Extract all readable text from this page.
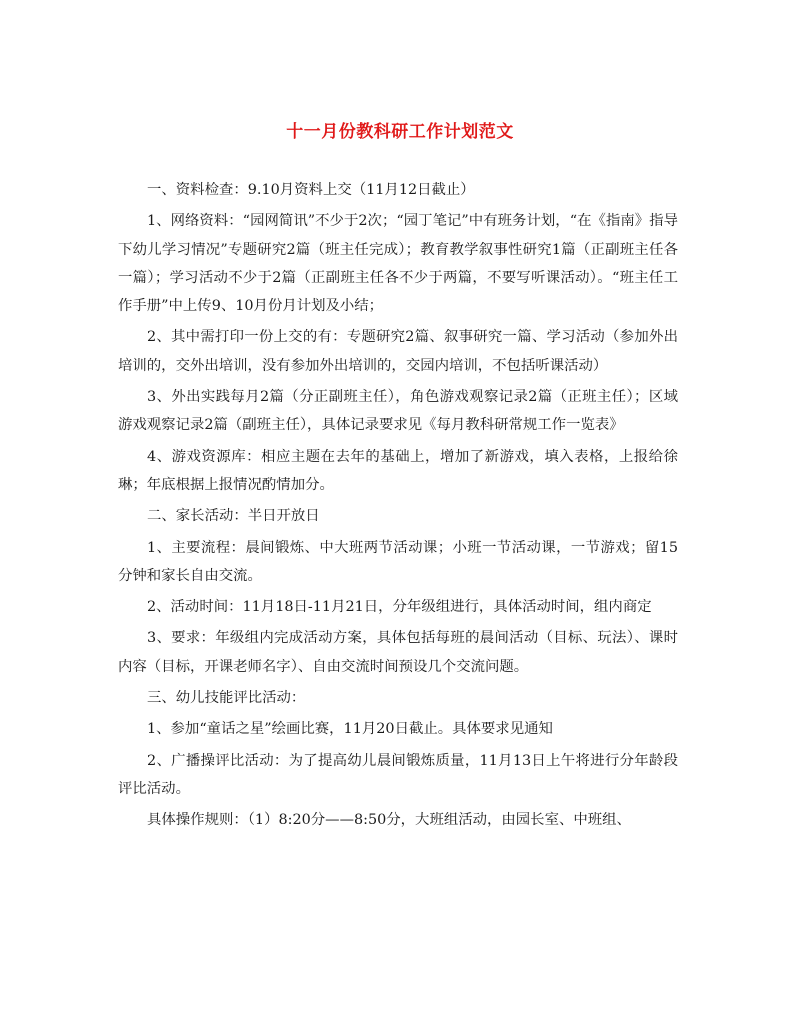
十一月份教科研工作计划范文

一、资料检查：9.10月资料上交（11月12日截止）

1、网络资料：“园网简讯”不少于2次；“园丁笔记”中有班务计划，“在《指南》指导下幼儿学习情况”专题研究2篇（班主任完成）；教育教学叙事性研究1篇（正副班主任各一篇）；学习活动不少于2篇（正副班主任各不少于两篇，不要写听课活动）。“班主任工作手册”中上传9、10月份月计划及小结；

2、其中需打印一份上交的有：专题研究2篇、叙事研究一篇、学习活动（参加外出培训的，交外出培训，没有参加外出培训的，交园内培训，不包括听课活动）

3、外出实践每月2篇（分正副班主任），角色游戏观察记录2篇（正班主任）；区域游戏观察记录2篇（副班主任），具体记录要求见《每月教科研常规工作一览表》

4、游戏资源库：相应主题在去年的基础上，增加了新游戏，填入表格，上报给徐琳；年底根据上报情况酌情加分。

二、家长活动：半日开放日

1、主要流程：晨间锻炼、中大班两节活动课；小班一节活动课，一节游戏；留15分钟和家长自由交流。

2、活动时间：11月18日-11月21日，分年级组进行，具体活动时间，组内商定

3、要求：年级组内完成活动方案，具体包括每班的晨间活动（目标、玩法）、课时内容（目标，开课老师名字）、自由交流时间预设几个交流问题。

三、幼儿技能评比活动：

1、参加“童话之星”绘画比赛，11月20日截止。具体要求见通知

2、广播操评比活动：为了提高幼儿晨间锻炼质量，11月13日上午将进行分年龄段评比活动。

具体操作规则：（1）8:20分——8:50分，大班组活动，由园长室、中班组、
